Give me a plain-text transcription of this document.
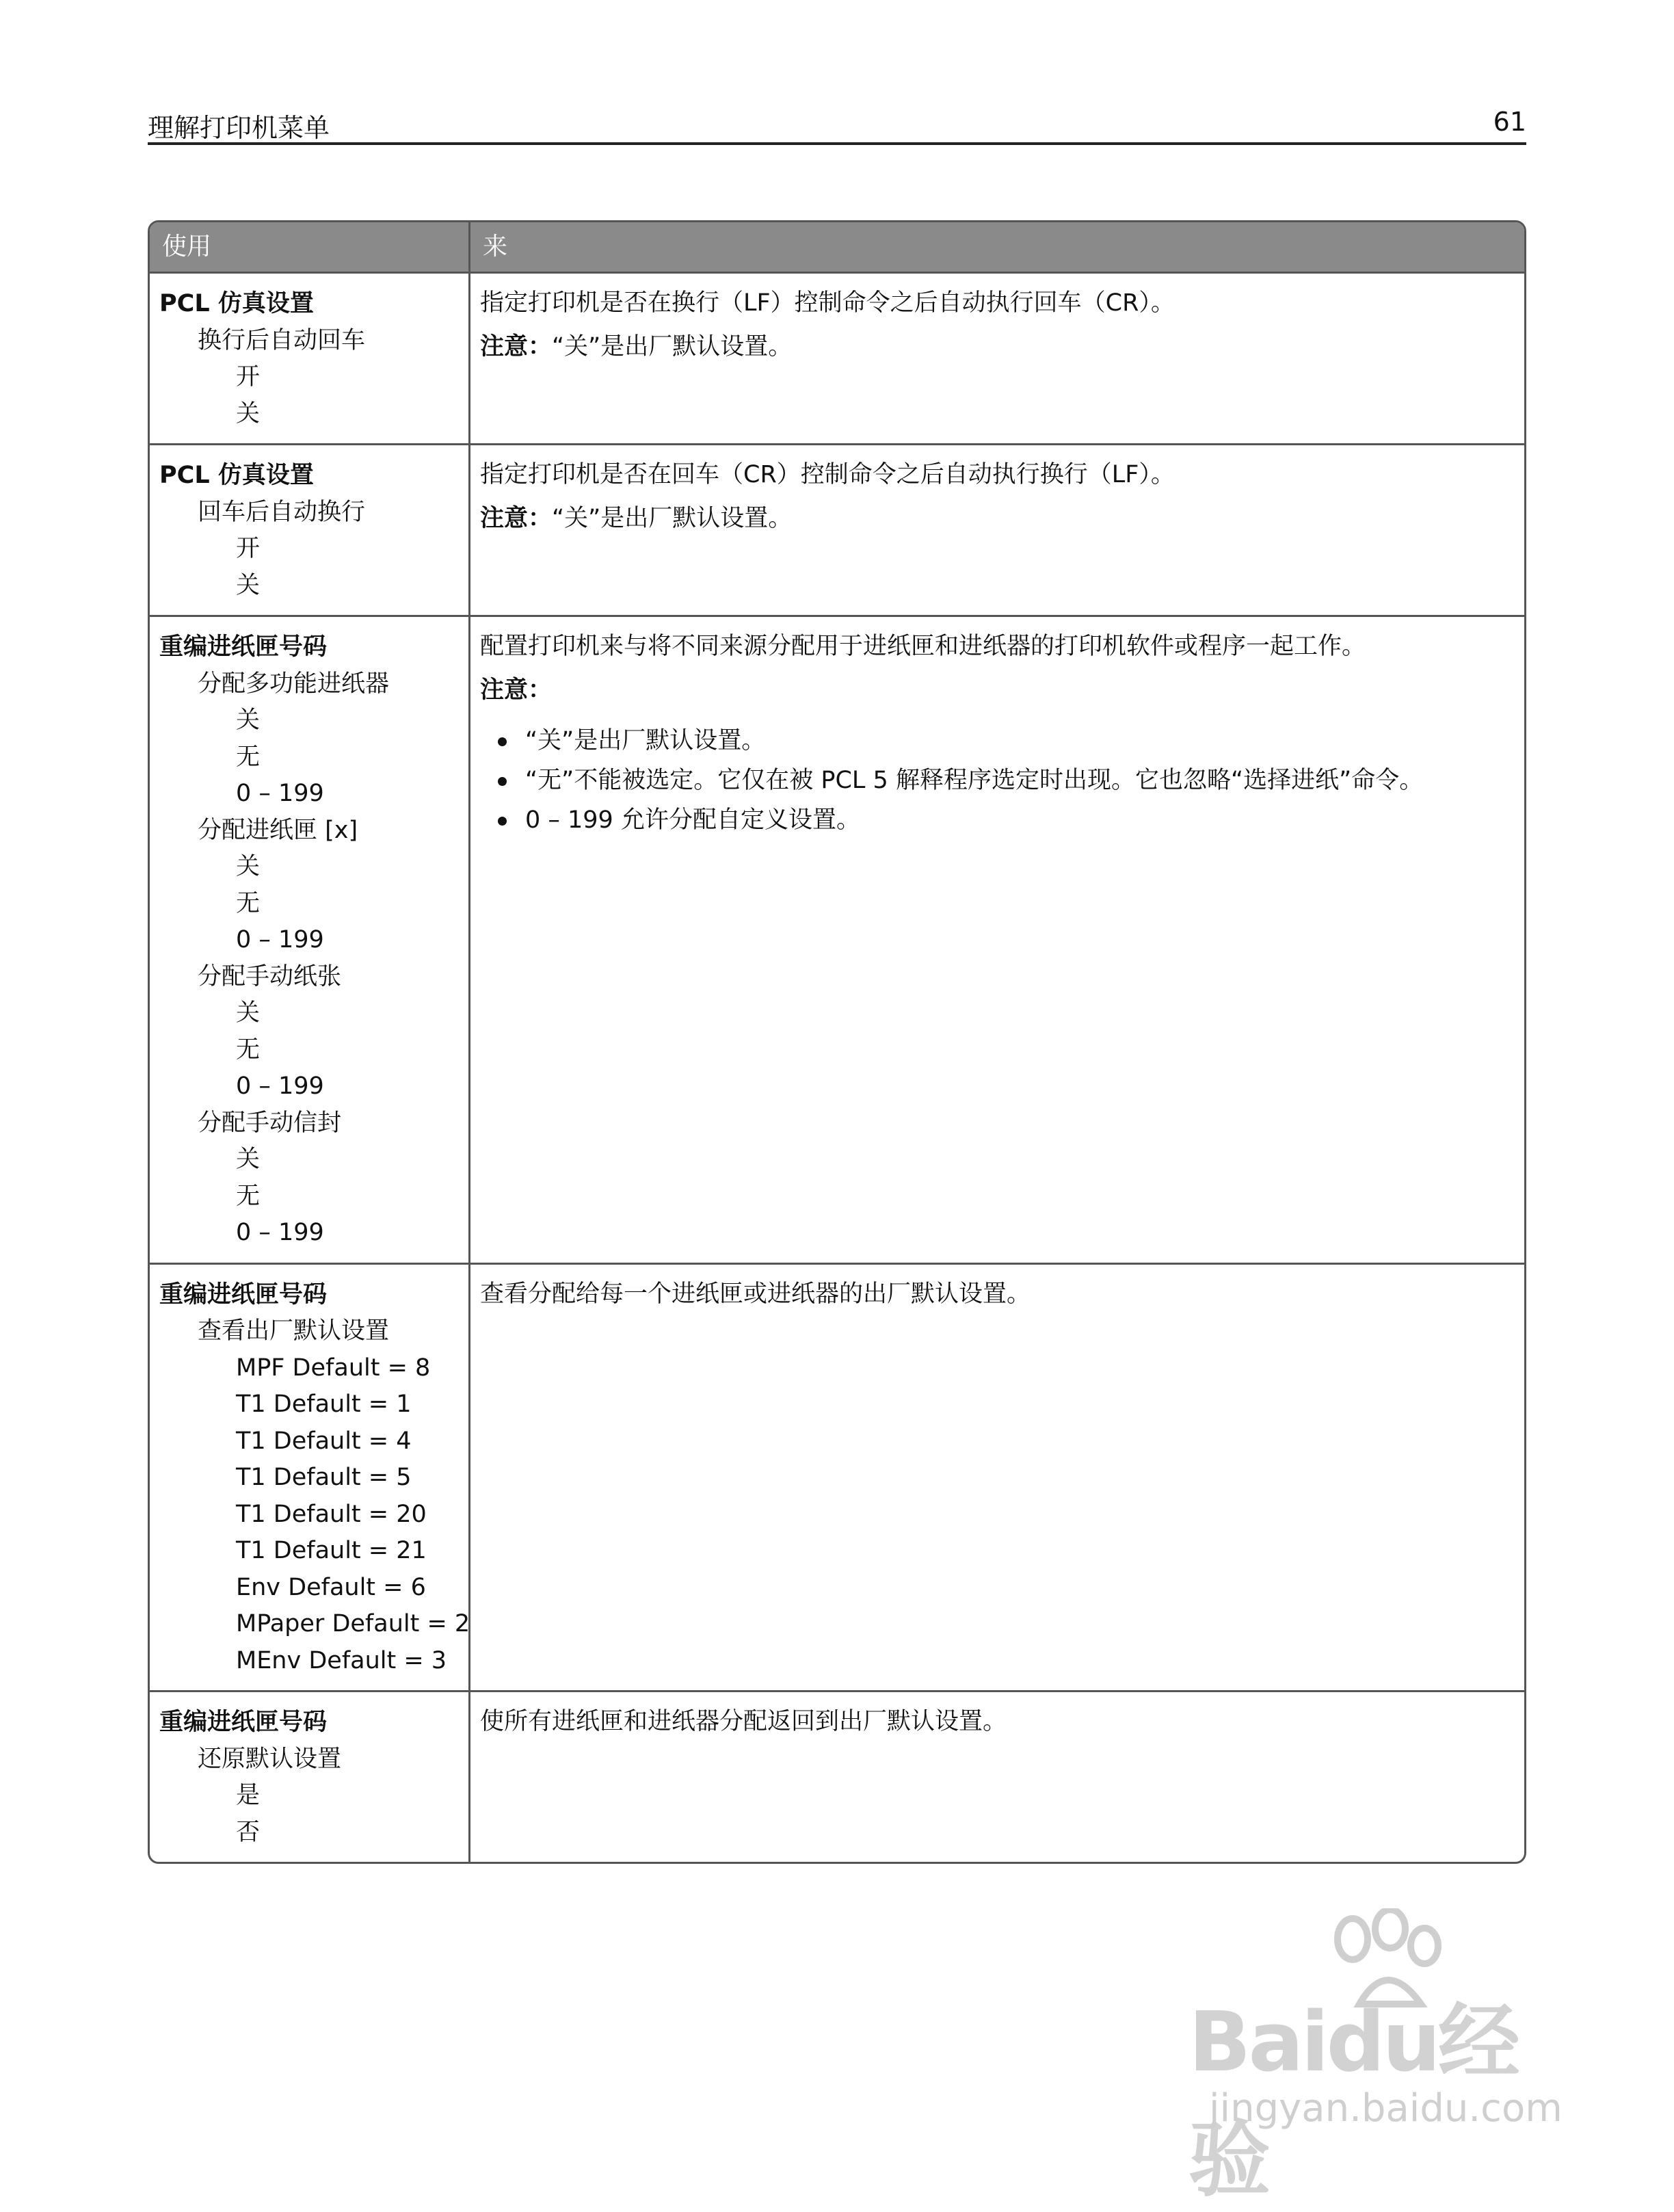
理解打印机菜单	61
使用	来
PCL 仿真设置
换行后自动回车
开
关
指定打印机是否在换行（LF）控制命令之后自动执行回车（CR）。
注意：“关”是出厂默认设置。
PCL 仿真设置
回车后自动换行
开
关
指定打印机是否在回车（CR）控制命令之后自动执行换行（LF）。
注意：“关”是出厂默认设置。
重编进纸匣号码
分配多功能进纸器
关
无
0 – 199
分配进纸匣 [x]
关
无
0 – 199
分配手动纸张
关
无
0 – 199
分配手动信封
关
无
0 – 199
配置打印机来与将不同来源分配用于进纸匣和进纸器的打印机软件或程序一起工作。
注意：
“关”是出厂默认设置。
“无”不能被选定。它仅在被 PCL 5 解释程序选定时出现。它也忽略“选择进纸”命令。
0 – 199 允许分配自定义设置。
重编进纸匣号码
查看出厂默认设置
MPF Default = 8
T1 Default = 1
T1 Default = 4
T1 Default = 5
T1 Default = 20
T1 Default = 21
Env Default = 6
MPaper Default = 2
MEnv Default = 3
查看分配给每一个进纸匣或进纸器的出厂默认设置。
重编进纸匣号码
还原默认设置
是
否
使所有进纸匣和进纸器分配返回到出厂默认设置。
Baidu经验
jingyan.baidu.com
